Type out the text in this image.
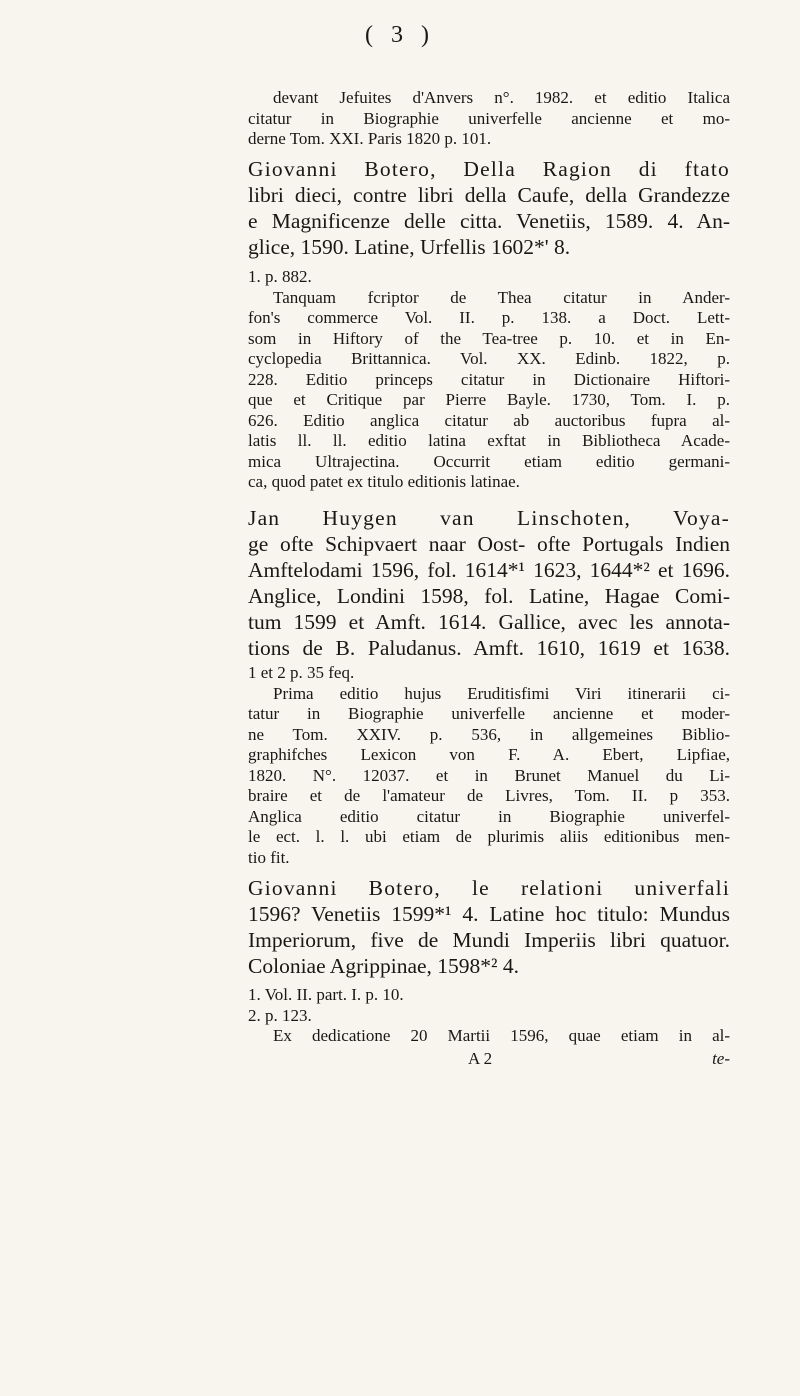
( 3 )
devant Jefuites d'Anvers n°. 1982. et editio Italica
citatur in Biographie univerfelle ancienne et mo-
derne Tom. XXI. Paris 1820 p. 101.
Giovanni Botero, Della Ragion di ftato
libri dieci, contre libri della Caufe, della Grandezze
e Magnificenze delle citta. Venetiis, 1589. 4. An-
glice, 1590. Latine, Urfellis 1602*' 8.
1. p. 882.
Tanquam fcriptor de Thea citatur in Ander-
fon's commerce Vol. II. p. 138. a Doct. Lett-
som in Hiftory of the Tea-tree p. 10. et in En-
cyclopedia Brittannica. Vol. XX. Edinb. 1822, p.
228. Editio princeps citatur in Dictionaire Hiftori-
que et Critique par Pierre Bayle. 1730, Tom. I. p.
626. Editio anglica citatur ab auctoribus fupra al-
latis ll. ll. editio latina exftat in Bibliotheca Acade-
mica Ultrajectina. Occurrit etiam editio germani-
ca, quod patet ex titulo editionis latinae.
Jan Huygen van Linschoten, Voya-
ge ofte Schipvaert naar Oost- ofte Portugals Indien
Amftelodami 1596, fol. 1614*¹ 1623, 1644*² et 1696.
Anglice, Londini 1598, fol. Latine, Hagae Comi-
tum 1599 et Amft. 1614. Gallice, avec les annota-
tions de B. Paludanus. Amft. 1610, 1619 et 1638.
1 et 2 p. 35 feq.
Prima editio hujus Eruditisfimi Viri itinerarii ci-
tatur in Biographie univerfelle ancienne et moder-
ne Tom. XXIV. p. 536, in allgemeines Biblio-
graphifches Lexicon von F. A. Ebert, Lipfiae,
1820. N°. 12037. et in Brunet Manuel du Li-
braire et de l'amateur de Livres, Tom. II. p 353.
Anglica editio citatur in Biographie univerfel-
le ect. l. l. ubi etiam de plurimis aliis editionibus men-
tio fit.
Giovanni Botero, le relationi univerfali
1596? Venetiis 1599*¹ 4. Latine hoc titulo: Mundus
Imperiorum, five de Mundi Imperiis libri quatuor.
Coloniae Agrippinae, 1598*² 4.
1. Vol. II. part. I. p. 10.
2. p. 123.
Ex dedicatione 20 Martii 1596, quae etiam in al-
A 2	te-
